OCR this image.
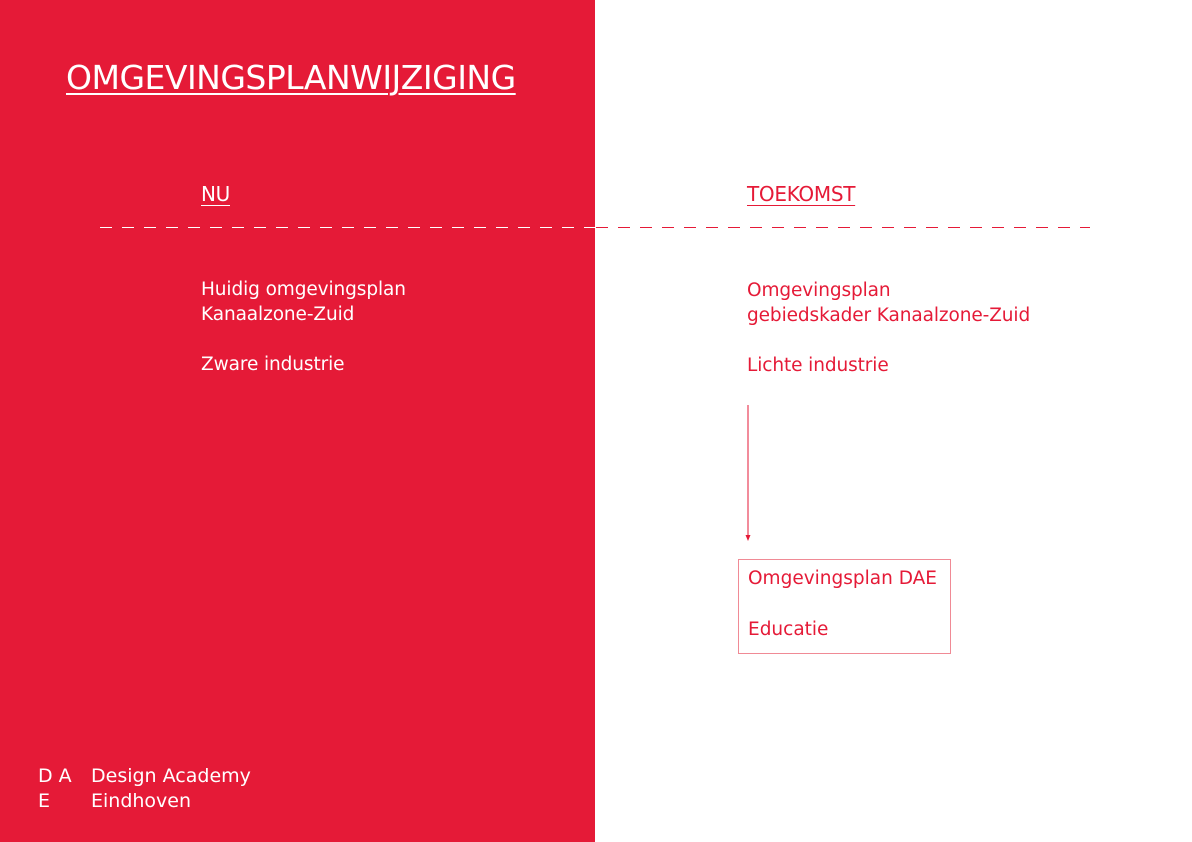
OMGEVINGSPLANWIJZIGING
NU	TOEKOMST
Huidig omgevingsplan
Kanaalzone-Zuid
Zware industrie
Omgevingsplan
gebiedskader Kanaalzone-Zuid
Lichte industrie
Omgevingsplan DAE
Educatie
D A
E
Design Academy
Eindhoven
